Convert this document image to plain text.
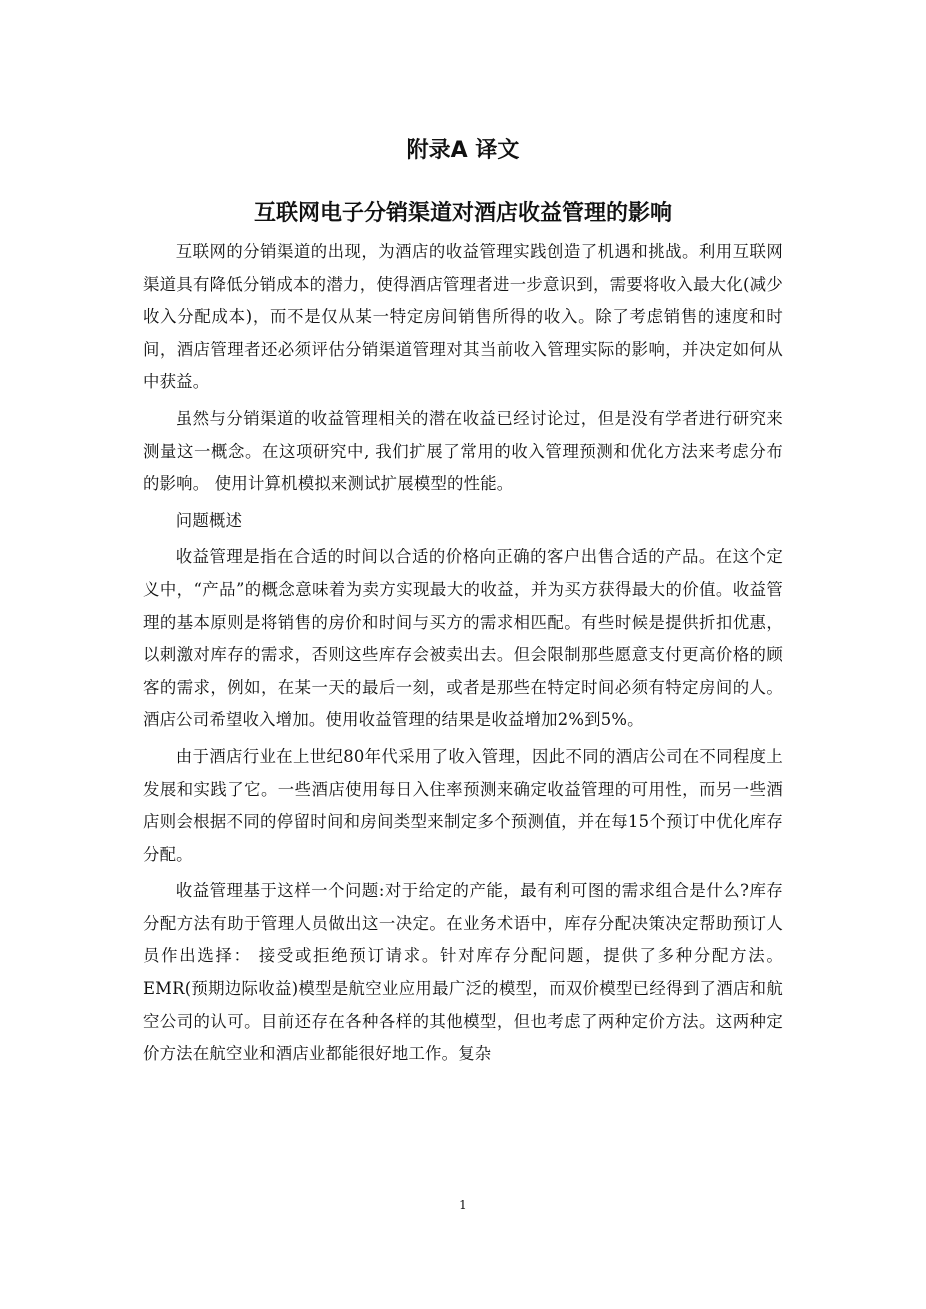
附录A 译文
互联网电子分销渠道对酒店收益管理的影响

互联网的分销渠道的出现，为酒店的收益管理实践创造了机遇和挑战。利用互联网渠道具有降低分销成本的潜力，使得酒店管理者进一步意识到，需要将收入最大化(减少收入分配成本)，而不是仅从某一特定房间销售所得的收入。除了考虑销售的速度和时间，酒店管理者还必须评估分销渠道管理对其当前收入管理实际的影响，并决定如何从中获益。

虽然与分销渠道的收益管理相关的潜在收益已经讨论过，但是没有学者进行研究来测量这一概念。在这项研究中, 我们扩展了常用的收入管理预测和优化方法来考虑分布的影响。 使用计算机模拟来测试扩展模型的性能。

问题概述

收益管理是指在合适的时间以合适的价格向正确的客户出售合适的产品。在这个定义中，“产品”的概念意味着为卖方实现最大的收益，并为买方获得最大的价值。收益管理的基本原则是将销售的房价和时间与买方的需求相匹配。有些时候是提供折扣优惠，以刺激对库存的需求，否则这些库存会被卖出去。但会限制那些愿意支付更高价格的顾客的需求，例如，在某一天的最后一刻，或者是那些在特定时间必须有特定房间的人。酒店公司希望收入增加。使用收益管理的结果是收益增加2%到5%。

由于酒店行业在上世纪80年代采用了收入管理，因此不同的酒店公司在不同程度上发展和实践了它。一些酒店使用每日入住率预测来确定收益管理的可用性，而另一些酒店则会根据不同的停留时间和房间类型来制定多个预测值，并在每15个预订中优化库存分配。

收益管理基于这样一个问题:对于给定的产能，最有利可图的需求组合是什么?库存分配方法有助于管理人员做出这一决定。在业务术语中，库存分配决策决定帮助预订人员作出选择： 接受或拒绝预订请求。针对库存分配问题，提供了多种分配方法。EMR(预期边际收益)模型是航空业应用最广泛的模型，而双价模型已经得到了酒店和航空公司的认可。目前还存在各种各样的其他模型，但也考虑了两种定价方法。这两种定价方法在航空业和酒店业都能很好地工作。复杂

1
